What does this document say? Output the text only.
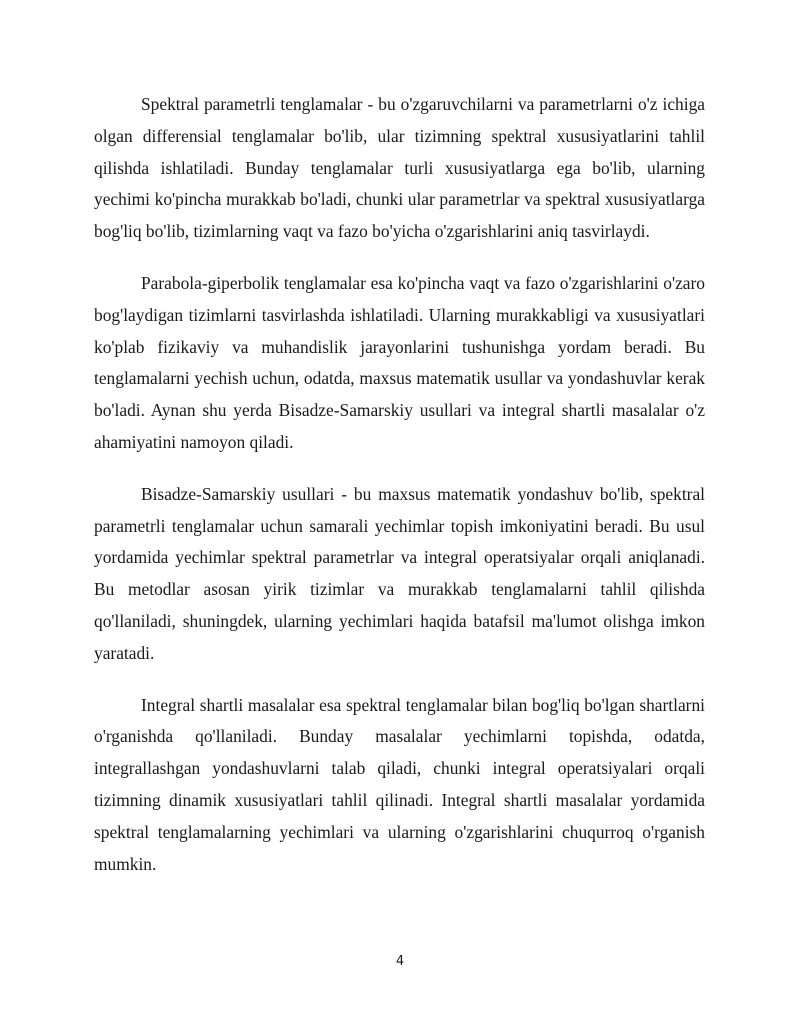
Spektral parametrli tenglamalar - bu o'zgaruvchilarni va parametrlarni o'z ichiga olgan differensial tenglamalar bo'lib, ular tizimning spektral xususiyatlarini tahlil qilishda ishlatiladi. Bunday tenglamalar turli xususiyatlarga ega bo'lib, ularning yechimi ko'pincha murakkab bo'ladi, chunki ular parametrlar va spektral xususiyatlarga bog'liq bo'lib, tizimlarning vaqt va fazo bo'yicha o'zgarishlarini aniq tasvirlaydi.

Parabola-giperbolik tenglamalar esa ko'pincha vaqt va fazo o'zgarishlarini o'zaro bog'laydigan tizimlarni tasvirlashda ishlatiladi. Ularning murakkabligi va xususiyatlari ko'plab fizikaviy va muhandislik jarayonlarini tushunishga yordam beradi. Bu tenglamalarni yechish uchun, odatda, maxsus matematik usullar va yondashuvlar kerak bo'ladi. Aynan shu yerda Bisadze-Samarskiy usullari va integral shartli masalalar o'z ahamiyatini namoyon qiladi.

Bisadze-Samarskiy usullari - bu maxsus matematik yondashuv bo'lib, spektral parametrli tenglamalar uchun samarali yechimlar topish imkoniyatini beradi. Bu usul yordamida yechimlar spektral parametrlar va integral operatsiyalar orqali aniqlanadi. Bu metodlar asosan yirik tizimlar va murakkab tenglamalarni tahlil qilishda qo'llaniladi, shuningdek, ularning yechimlari haqida batafsil ma'lumot olishga imkon yaratadi.

Integral shartli masalalar esa spektral tenglamalar bilan bog'liq bo'lgan shartlarni o'rganishda qo'llaniladi. Bunday masalalar yechimlarni topishda, odatda, integrallashgan yondashuvlarni talab qiladi, chunki integral operatsiyalari orqali tizimning dinamik xususiyatlari tahlil qilinadi. Integral shartli masalalar yordamida spektral tenglamalarning yechimlari va ularning o'zgarishlarini chuqurroq o'rganish mumkin.

4
